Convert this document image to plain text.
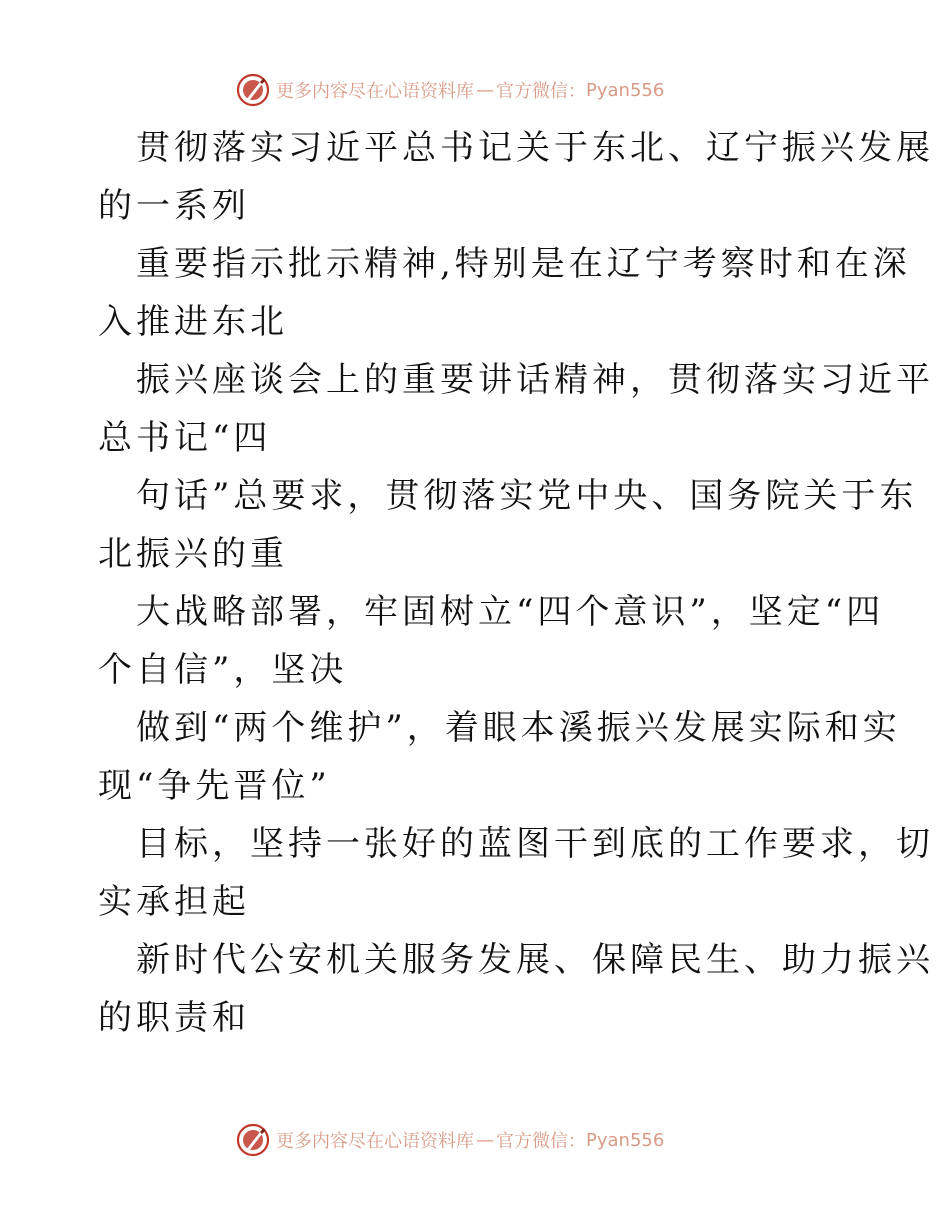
更多内容尽在心语资料库 — 官方微信： Pyan556
贯彻落实习近平总书记关于东北、辽宁振兴发展
的一系列
重要指示批示精神,特别是在辽宁考察时和在深
入推进东北
振兴座谈会上的重要讲话精神，贯彻落实习近平
总书记“四
句话”总要求，贯彻落实党中央、国务院关于东
北振兴的重
大战略部署，牢固树立“四个意识”，坚定“四
个自信”，坚决
做到“两个维护”，着眼本溪振兴发展实际和实
现“争先晋位”
目标，坚持一张好的蓝图干到底的工作要求，切
实承担起
新时代公安机关服务发展、保障民生、助力振兴
的职责和
更多内容尽在心语资料库 — 官方微信： Pyan556
